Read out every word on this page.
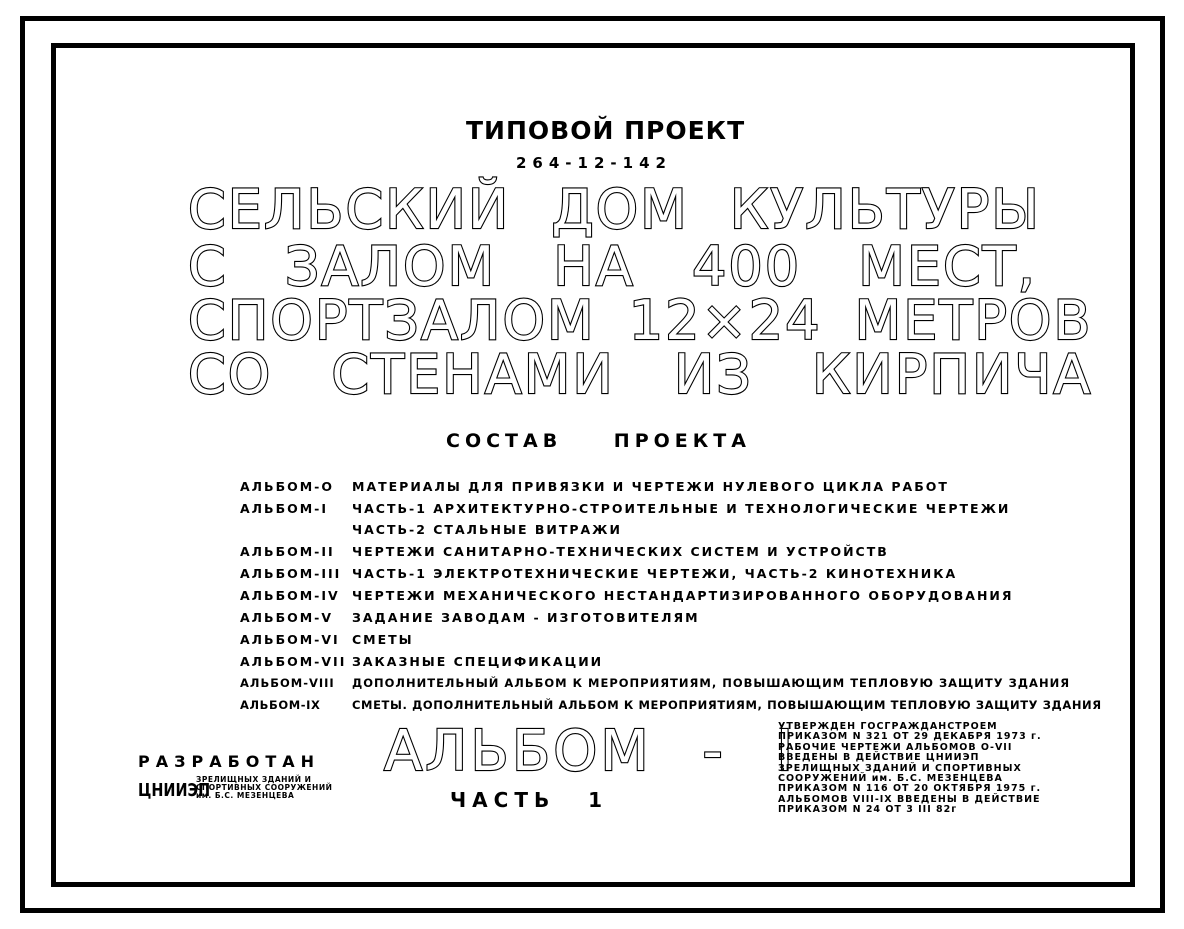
ТИПОВОЙ ПРОЕКТ
264-12-142
СЕЛЬСКИЙ ДОМ КУЛЬТУРЫ
С ЗАЛОМ НА 400 МЕСТ,
СПОРТЗАЛОМ 12×24 МЕТРОВ
СО СТЕНАМИ ИЗ КИРПИЧА
СОСТАВ ПРОЕКТА
АЛЬБОМ-О МАТЕРИАЛЫ ДЛЯ ПРИВЯЗКИ И ЧЕРТЕЖИ НУЛЕВОГО ЦИКЛА РАБОТ
АЛЬБОМ-I ЧАСТЬ-1 АРХИТЕКТУРНО-СТРОИТЕЛЬНЫЕ И ТЕХНОЛОГИЧЕСКИЕ ЧЕРТЕЖИ
ЧАСТЬ-2 СТАЛЬНЫЕ ВИТРАЖИ
АЛЬБОМ-II ЧЕРТЕЖИ САНИТАРНО-ТЕХНИЧЕСКИХ СИСТЕМ И УСТРОЙСТВ
АЛЬБОМ-III ЧАСТЬ-1 ЭЛЕКТРОТЕХНИЧЕСКИЕ ЧЕРТЕЖИ, ЧАСТЬ-2 КИНОТЕХНИКА
АЛЬБОМ-IV ЧЕРТЕЖИ МЕХАНИЧЕСКОГО НЕСТАНДАРТИЗИРОВАННОГО ОБОРУДОВАНИЯ
АЛЬБОМ-V ЗАДАНИЕ ЗАВОДАМ - ИЗГОТОВИТЕЛЯМ
АЛЬБОМ-VI СМЕТЫ
АЛЬБОМ-VII ЗАКАЗНЫЕ СПЕЦИФИКАЦИИ
АЛЬБОМ-VIII ДОПОЛНИТЕЛЬНЫЙ АЛЬБОМ К МЕРОПРИЯТИЯМ, ПОВЫШАЮЩИМ ТЕПЛОВУЮ ЗАЩИТУ ЗДАНИЯ
АЛЬБОМ-IX	СМЕТЫ. ДОПОЛНИТЕЛЬНЫЙ АЛЬБОМ К МЕРОПРИЯТИЯМ, ПОВЫШАЮЩИМ ТЕПЛОВУЮ ЗАЩИТУ ЗДАНИЯ
РАЗРАБОТАН
ЦНИИЭП
ЗРЕЛИЩНЫХ ЗДАНИЙ И
СПОРТИВНЫХ СООРУЖЕНИЙ
им. Б.С. МЕЗЕНЦЕВА
АЛЬБОМ - I
ЧАСТЬ 1
УТВЕРЖДЕН ГОСГРАЖДАНСТРОЕМ
ПРИКАЗОМ N 321 ОТ 29 ДЕКАБРЯ 1973 г.
РАБОЧИЕ ЧЕРТЕЖИ АЛЬБОМОВ О-VII
ВВЕДЕНЫ В ДЕЙСТВИЕ ЦНИИЭП
ЗРЕЛИЩНЫХ ЗДАНИЙ И СПОРТИВНЫХ
СООРУЖЕНИЙ им. Б.С. МЕЗЕНЦЕВА
ПРИКАЗОМ N 116 ОТ 20 ОКТЯБРЯ 1975 г.
АЛЬБОМОВ VIII-IX ВВЕДЕНЫ В ДЕЙСТВИЕ
ПРИКАЗОМ N 24 ОТ 3 III 82г
